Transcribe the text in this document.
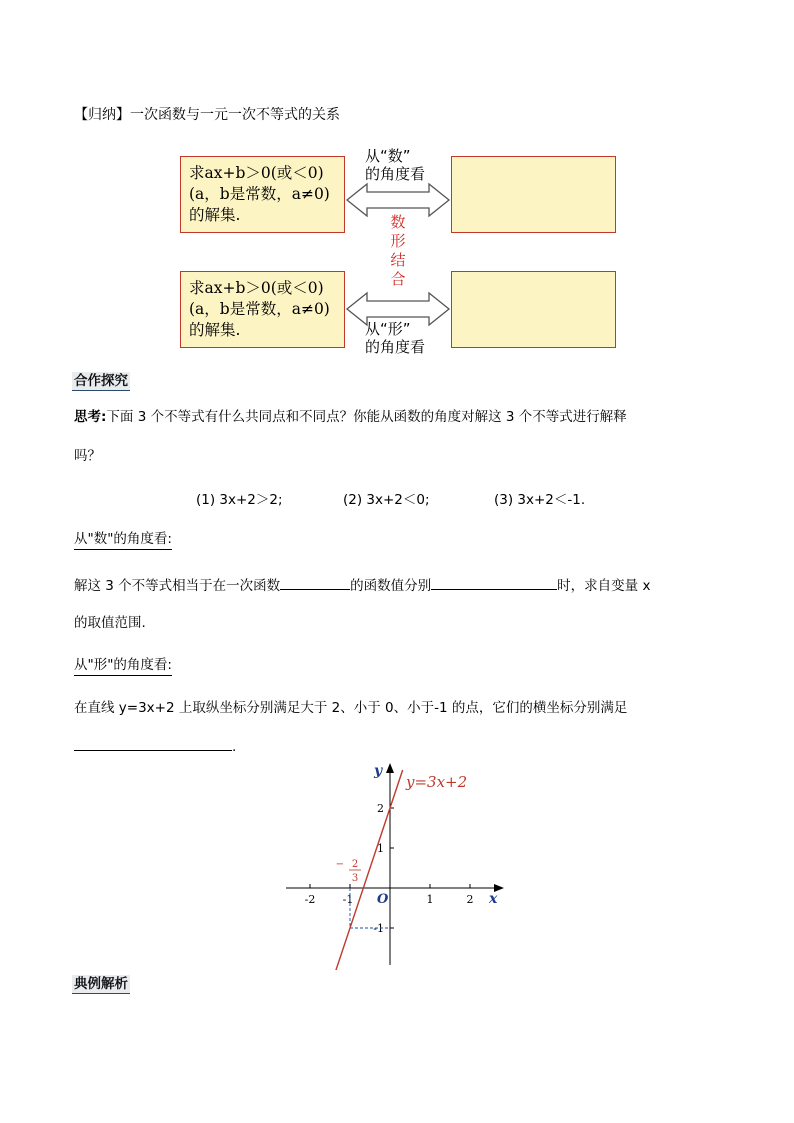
【归纳】一次函数与一元一次不等式的关系
求ax+b＞0(或＜0)
(a，b是常数，a≠0)
的解集.
求ax+b＞0(或＜0)
(a，b是常数，a≠0)
的解集.
从“数”
的角度看
从“形”
的角度看
数
形
结
合
合作探究
思考:下面 3 个不等式有什么共同点和不同点？你能从函数的角度对解这 3 个不等式进行解释
吗？
(1) 3x+2＞2;	(2) 3x+2＜0;	(3) 3x+2＜-1.
从"数"的角度看:
解这 3 个不等式相当于在一次函数	的函数值分别	时，求自变量 x
的取值范围.
从"形"的角度看:
在直线 y=3x+2 上取纵坐标分别满足大于 2、小于 0、小于-1 的点，它们的横坐标分别满足
.
-2 -1	1	2
2
1
-1
x
y
O
− 2
3
y=3x+2
典例解析
